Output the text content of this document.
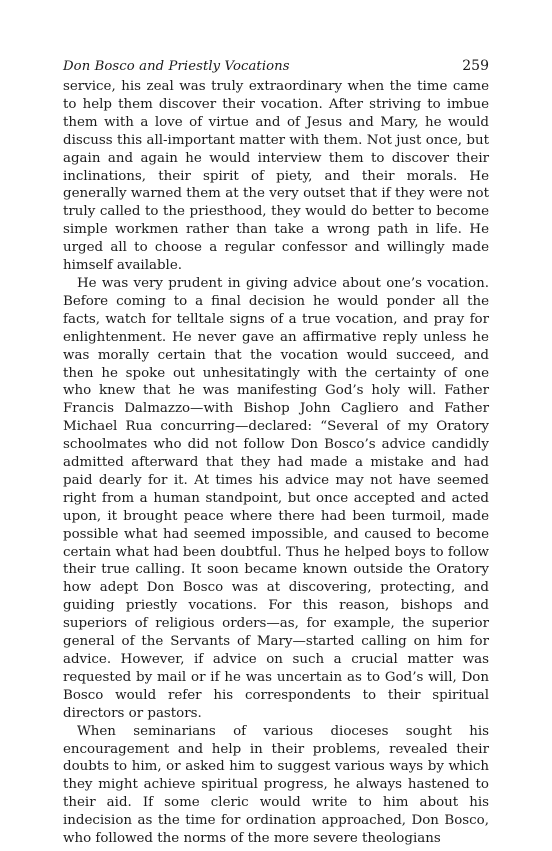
Don Bosco and Priestly Vocations	259

service, his zeal was truly extraordinary when the time came to help them discover their vocation. After striving to imbue them with a love of virtue and of Jesus and Mary, he would discuss this all-important matter with them. Not just once, but again and again he would interview them to discover their inclinations, their spirit of piety, and their morals. He generally warned them at the very outset that if they were not truly called to the priesthood, they would do better to become simple workmen rather than take a wrong path in life. He urged all to choose a regular confessor and willingly made himself available.

He was very prudent in giving advice about one’s vocation. Before coming to a final decision he would ponder all the facts, watch for telltale signs of a true vocation, and pray for enlightenment. He never gave an affirmative reply unless he was morally certain that the vocation would succeed, and then he spoke out unhesitatingly with the certainty of one who knew that he was manifesting God’s holy will. Father Francis Dalmazzo—with Bishop John Cagliero and Father Michael Rua concurring—declared: “Several of my Oratory schoolmates who did not follow Don Bosco’s advice candidly admitted afterward that they had made a mistake and had paid dearly for it. At times his advice may not have seemed right from a human standpoint, but once accepted and acted upon, it brought peace where there had been turmoil, made possible what had seemed impossible, and caused to become certain what had been doubtful. Thus he helped boys to follow their true calling. It soon became known outside the Oratory how adept Don Bosco was at discovering, protecting, and guiding priestly vocations. For this reason, bishops and superiors of religious orders—as, for example, the superior general of the Servants of Mary—started calling on him for advice. However, if advice on such a crucial matter was requested by mail or if he was uncertain as to God’s will, Don Bosco would refer his correspondents to their spiritual directors or pastors.

When seminarians of various dioceses sought his encouragement and help in their problems, revealed their doubts to him, or asked him to suggest various ways by which they might achieve spiritual progress, he always hastened to their aid. If some cleric would write to him about his indecision as the time for ordination approached, Don Bosco, who followed the norms of the more severe theologians
